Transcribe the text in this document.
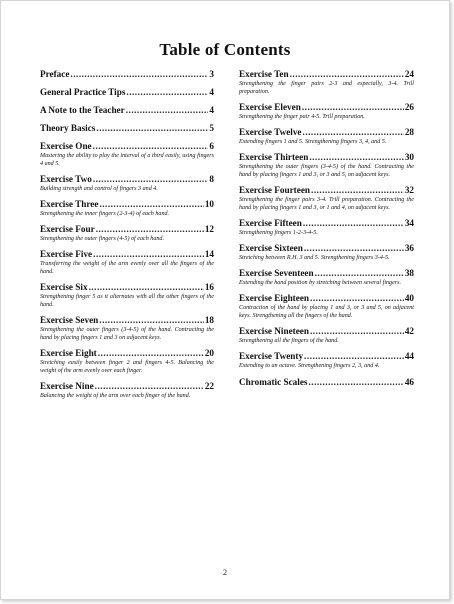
Table of Contents
Preface .....	3
General Practice Tips .....	4
A Note to the Teacher .....	4
Theory Basics .....	5
Exercise One .....	6
Mastering the ability to play the interval of a third easily, using fingers 4 and 5.
Exercise Two .....	8
Building strength and control of fingers 3 and 4.
Exercise Three .....	10
Strengthening the inner fingers (2-3-4) of each hand.
Exercise Four .....	12
Strengthening the outer fingers (4-5) of each hand.
Exercise Five .....	14
Transferring the weight of the arm evenly over all the fingers of the hand.
Exercise Six .....	16
Strengthening finger 5 as it alternates with all the other fingers of the hand.
Exercise Seven .....	18
Strengthening the outer fingers (3-4-5) of the hand. Contracting the hand by placing fingers 1 and 3 on adjacent keys.
Exercise Eight .....	20
Stretching easily between finger 2 and fingers 4-5. Balancing the weight of the arm evenly over each finger.
Exercise Nine .....	22
Balancing the weight of the arm over each finger of the hand.
Exercise Ten .....	24
Strengthening the finger pairs 2-3 and especially, 3-4. Trill preparation.
Exercise Eleven .....	26
Strengthening the finger pair 4-5. Trill preparation.
Exercise Twelve .....	28
Extending fingers 1 and 5. Strengthening fingers 3, 4, and 5.
Exercise Thirteen .....	30
Strengthening the outer fingers (3-4-5) of the hand. Contracting the hand by placing fingers 1 and 3, or 3 and 5, on adjacent keys.
Exercise Fourteen .....	32
Strengthening the finger pairs 3-4. Trill preparation. Contracting the hand by placing fingers 1 and 3, or 1 and 4, on adjacent keys.
Exercise Fifteen .....	34
Strengthening fingers 1-2-3-4-5.
Exercise Sixteen .....	36
Stretching between R.H. 3 and 5. Strengthening fingers 3-4-5.
Exercise Seventeen .....	38
Extending the hand position by stretching between several fingers.
Exercise Eighteen .....	40
Contraction of the hand by placing 1 and 3, or 3 and 5, on adjacent keys. Strengthening all the fingers of the hand.
Exercise Nineteen .....	42
Strengthening all the fingers of the hand.
Exercise Twenty .....	44
Extending to an octave. Strengthening fingers 2, 3, and 4.
Chromatic Scales .....	46
2
